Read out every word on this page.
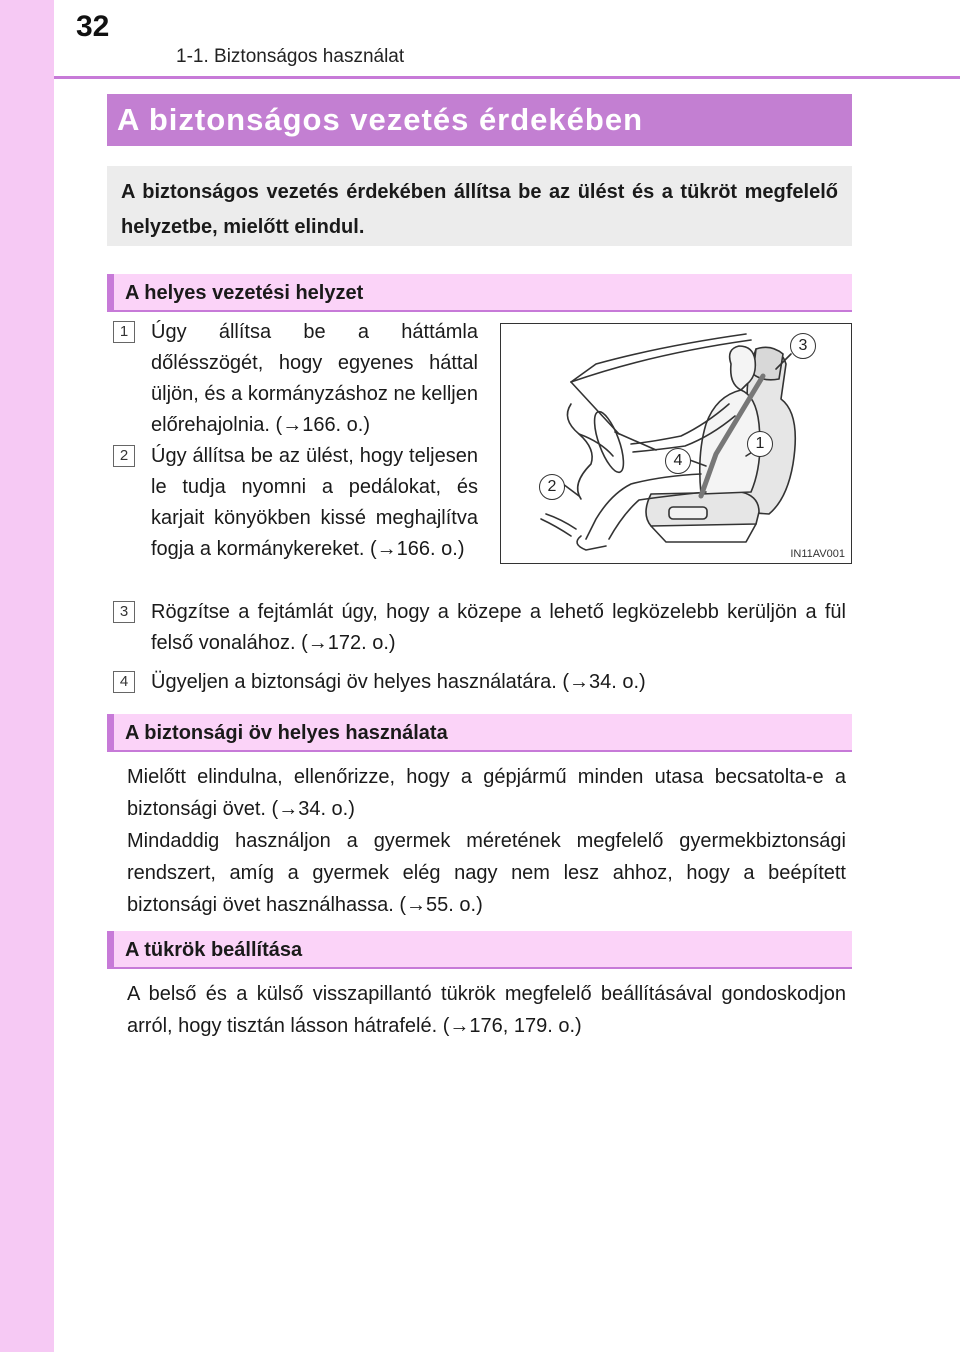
32
1-1. Biztonságos használat
A biztonságos vezetés érdekében

A biztonságos vezetés érdekében állítsa be az ülést és a tükröt megfelelő helyzetbe, mielőtt elindul.

A helyes vezetési helyzet
1	Úgy állítsa be a háttámla dőlésszögét, hogy egyenes háttal üljön, és a kormányzáshoz ne kelljen előrehajolnia. (→166. o.)
2	Úgy állítsa be az ülést, hogy teljesen le tudja nyomni a pedálokat, és karjait könyökben kissé meghajlítva fogja a kormánykereket. (→166. o.)
3	Rögzítse a fejtámlát úgy, hogy a közepe a lehető legközelebb kerüljön a fül felső vonalához. (→172. o.)
4	Ügyeljen a biztonsági öv helyes használatára. (→34. o.)
3
1
4
2
IN11AV001
A biztonsági öv helyes használata

Mielőtt elindulna, ellenőrizze, hogy a gépjármű minden utasa becsatolta-e a biztonsági övet. (→34. o.)

Mindaddig használjon a gyermek méretének megfelelő gyermekbiztonsági rendszert, amíg a gyermek elég nagy nem lesz ahhoz, hogy a beépített biztonsági övet használhassa. (→55. o.)

A tükrök beállítása

A belső és a külső visszapillantó tükrök megfelelő beállításával gondoskodjon arról, hogy tisztán lásson hátrafelé. (→176, 179. o.)
